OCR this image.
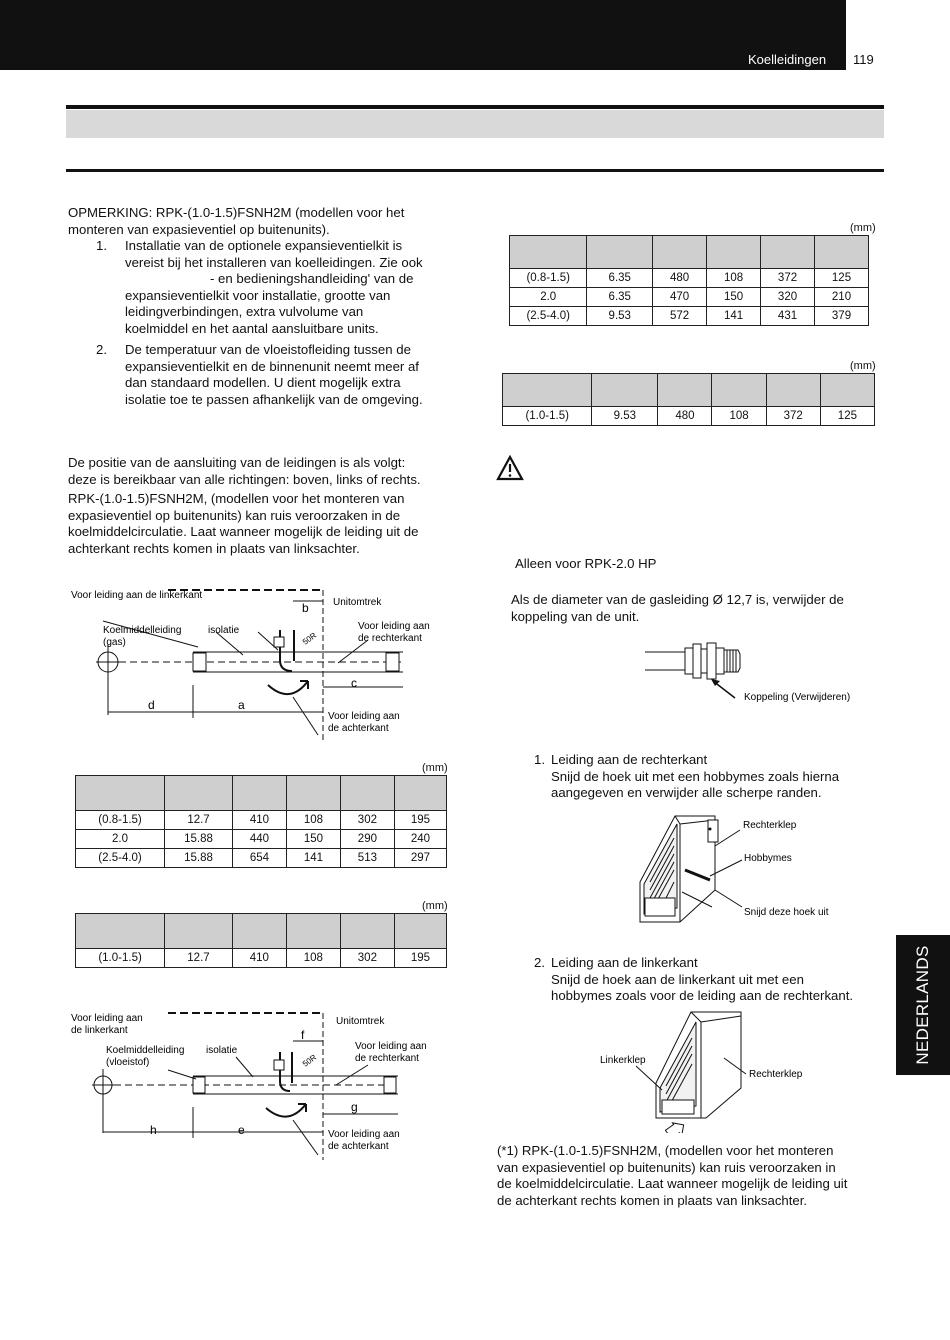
Koelleidingen 119
OPMERKING: RPK-(1.0-1.5)FSNH2M (modellen voor het monteren van expasieventiel op buitenunits).
1. Installatie van de optionele expansieventielkit is
vereist bij het installeren van koelleidingen. Zie ook
- en bedieningshandleiding' van de
expansieventielkit voor installatie, grootte van
leidingverbindingen, extra vulvolume van
koelmiddel en het aantal aansluitbare units.
2. De temperatuur van de vloeistofleiding tussen de
expansieventielkit en de binnenunit neemt meer af
dan standaard modellen. U dient mogelijk extra
isolatie toe te passen afhankelijk van de omgeving.
De positie van de aansluiting van de leidingen is als volgt:
deze is bereikbaar van alle richtingen: boven, links of rechts.
RPK-(1.0-1.5)FSNH2M, (modellen voor het monteren van
expasieventiel op buitenunits) kan ruis veroorzaken in de
koelmiddelcirculatie. Laat wanneer mogelijk de leiding uit de
achterkant rechts komen in plaats van linksachter.
Voor leiding aan de linkerkant
Unitomtrek
b
Koelmiddelleiding
(gas)
isolatie	Voor leiding aan
de rechterkant
50R
c
d	a
Voor leiding aan
de achterkant
(mm)

(0.8-1.5)	12.7	410	108	302	195
2.0	15.88	440	150	290	240
(2.5-4.0)	15.88	654	141	513	297
(mm)

(1.0-1.5)	12.7	410	108	302	195
Voor leiding aan
de linkerkant
Unitomtrek
f
Koelmiddelleiding
(vloeistof)
isolatie	Voor leiding aan
de rechterkant
50R
g
h	e	Voor leiding aan
de achterkant
(mm)

(0.8-1.5)	6.35	480	108	372	125
2.0	6.35	470	150	320	210
(2.5-4.0)	9.53	572	141	431	379
(mm)

(1.0-1.5)	9.53	480	108	372	125
Alleen voor RPK-2.0 HP
Als de diameter van de gasleiding Ø 12,7 is, verwijder de
koppeling van de unit.
Koppeling (Verwijderen)
1. Leiding aan de rechterkant
Snijd de hoek uit met een hobbymes zoals hierna
aangegeven en verwijder alle scherpe randen.
Rechterklep
Hobbymes
Snijd deze hoek uit
2. Leiding aan de linkerkant
Snijd de hoek aan de linkerkant uit met een
hobbymes zoals voor de leiding aan de rechterkant.
Linkerklep
Rechterklep
(*1) RPK-(1.0-1.5)FSNH2M, (modellen voor het monteren
van expasieventiel op buitenunits) kan ruis veroorzaken in
de koelmiddelcirculatie. Laat wanneer mogelijk de leiding uit
de achterkant rechts komen in plaats van linksachter.
NEDERLANDS
